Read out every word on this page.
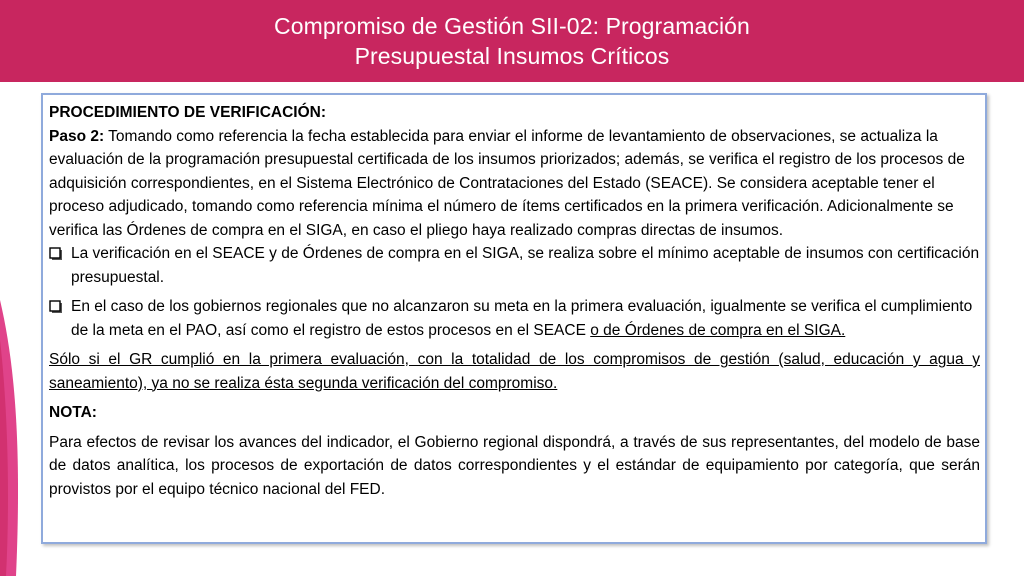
Compromiso de Gestión SII-02: Programación
Presupuestal Insumos Críticos

PROCEDIMIENTO DE VERIFICACIÓN:

Paso 2: Tomando como referencia la fecha establecida para enviar el informe de levantamiento de observaciones, se actualiza la evaluación de la programación presupuestal certificada de los insumos priorizados; además, se verifica el registro de los procesos de adquisición correspondientes, en el Sistema Electrónico de Contrataciones del Estado (SEACE). Se considera aceptable tener el proceso adjudicado, tomando como referencia mínima el número de ítems certificados en la primera verificación. Adicionalmente se verifica las Órdenes de compra en el SIGA, en caso el pliego haya realizado compras directas de insumos.

La verificación en el SEACE y de Órdenes de compra en el SIGA, se realiza sobre el mínimo aceptable de insumos con certificación presupuestal.
En el caso de los gobiernos regionales que no alcanzaron su meta en la primera evaluación, igualmente se verifica el cumplimiento de la meta en el PAO, así como el registro de estos procesos en el SEACE o de Órdenes de compra en el SIGA.

Sólo si el GR cumplió en la primera evaluación, con la totalidad de los compromisos de gestión (salud, educación y agua y saneamiento), ya no se realiza ésta segunda verificación del compromiso.

NOTA:

Para efectos de revisar los avances del indicador, el Gobierno regional dispondrá, a través de sus representantes, del modelo de base de datos analítica, los procesos de exportación de datos correspondientes y el estándar de equipamiento por categoría, que serán provistos por el equipo técnico nacional del FED.
